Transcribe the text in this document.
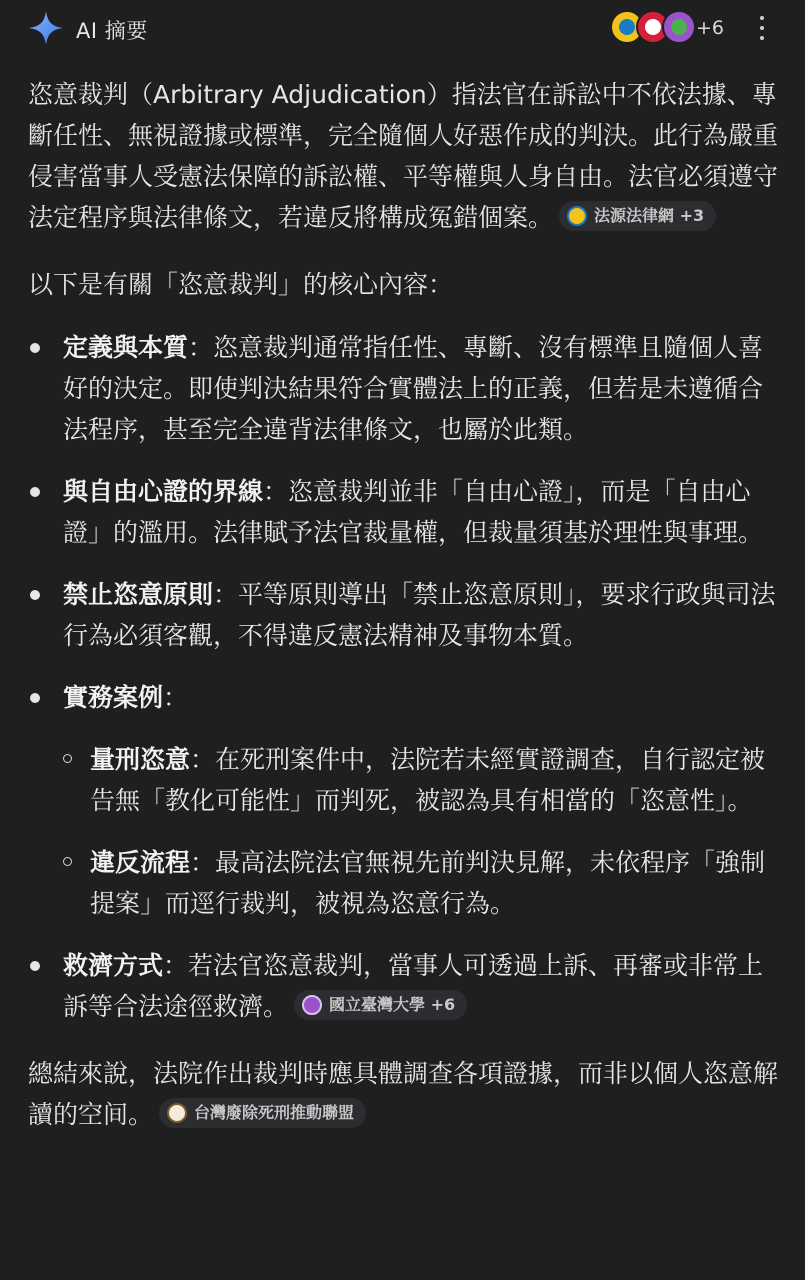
AI 摘要	+6

恣意裁判（Arbitrary Adjudication）指法官在訴訟中不依法據、專斷任性、無視證據或標準，完全隨個人好惡作成的判決。此行為嚴重侵害當事人受憲法保障的訴訟權、平等權與人身自由。法官必須遵守法定程序與法律條文，若違反將構成冤錯個案。	法源法律網 +3

以下是有關「恣意裁判」的核心內容：

定義與本質：恣意裁判通常指任性、專斷、沒有標準且隨個人喜好的決定。即使判決結果符合實體法上的正義，但若是未遵循合法程序，甚至完全違背法律條文，也屬於此類。
與自由心證的界線：恣意裁判並非「自由心證」，而是「自由心證」的濫用。法律賦予法官裁量權，但裁量須基於理性與事理。
禁止恣意原則：平等原則導出「禁止恣意原則」，要求行政與司法行為必須客觀，不得違反憲法精神及事物本質。
實務案例：
量刑恣意：在死刑案件中，法院若未經實證調查，自行認定被告無「教化可能性」而判死，被認為具有相當的「恣意性」。
違反流程：最高法院法官無視先前判決見解，未依程序「強制提案」而逕行裁判，被視為恣意行為。
救濟方式：若法官恣意裁判，當事人可透過上訴、再審或非常上訴等合法途徑救濟。	國立臺灣大學 +6

總結來說，法院作出裁判時應具體調查各項證據，而非以個人恣意解讀的空间。	台灣廢除死刑推動聯盟
